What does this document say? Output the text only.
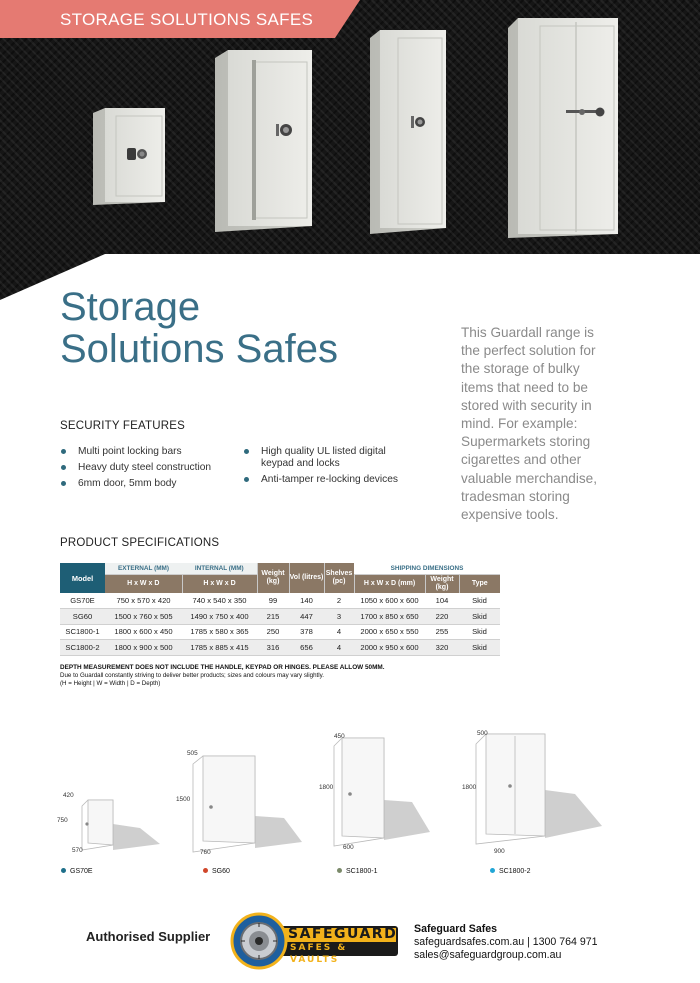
STORAGE SOLUTIONS SAFES
Storage
Solutions Safes	This Guardall range is the perfect solution for the storage of bulky items that need to be stored with security in mind. For example: Supermarkets storing cigarettes and other valuable merchandise, tradesman storing expensive tools.

SECURITY FEATURES
Multi point locking bars
Heavy duty steel construction
6mm door, 5mm body
High quality UL listed digital keypad and locks
Anti-tamper re-locking devices
PRODUCT SPECIFICATIONS
Model	EXTERNAL (MM)	INTERNAL (MM)	Weight (kg)	Vol (litres)	Shelves (pc)	SHIPPING DIMENSIONS		
	H x W x D	H x W x D				H x W x D (mm)	Weight (kg)	Type
GS70E	750 x 570 x 420	740 x 540 x 350	99	140	2	1050 x 600 x 600	104	Skid
SG60	1500 x 760 x 505	1490 x 750 x 400	215	447	3	1700 x 850 x 650	220	Skid
SC1800-1	1800 x 600 x 450	1785 x 580 x 365	250	378	4	2000 x 650 x 550	255	Skid
SC1800-2	1800 x 900 x 500	1785 x 885 x 415	316	656	4	2000 x 950 x 600	320	Skid
DEPTH MEASUREMENT DOES NOT INCLUDE THE HANDLE, KEYPAD OR HINGES. PLEASE ALLOW 50MM.
Due to Guardall constantly striving to deliver better products; sizes and colours may vary slightly.
(H = Height | W = Width | D = Depth)
420
750
570
505
1500
760
450
1800
600
500
1800
900
GS70E	SG60	SC1800-1	SC1800-2
Authorised Supplier	SAFEGUARD
SAFES & VAULTS
Safeguard Safes
safeguardsafes.com.au | 1300 764 971
sales@safeguardgroup.com.au
